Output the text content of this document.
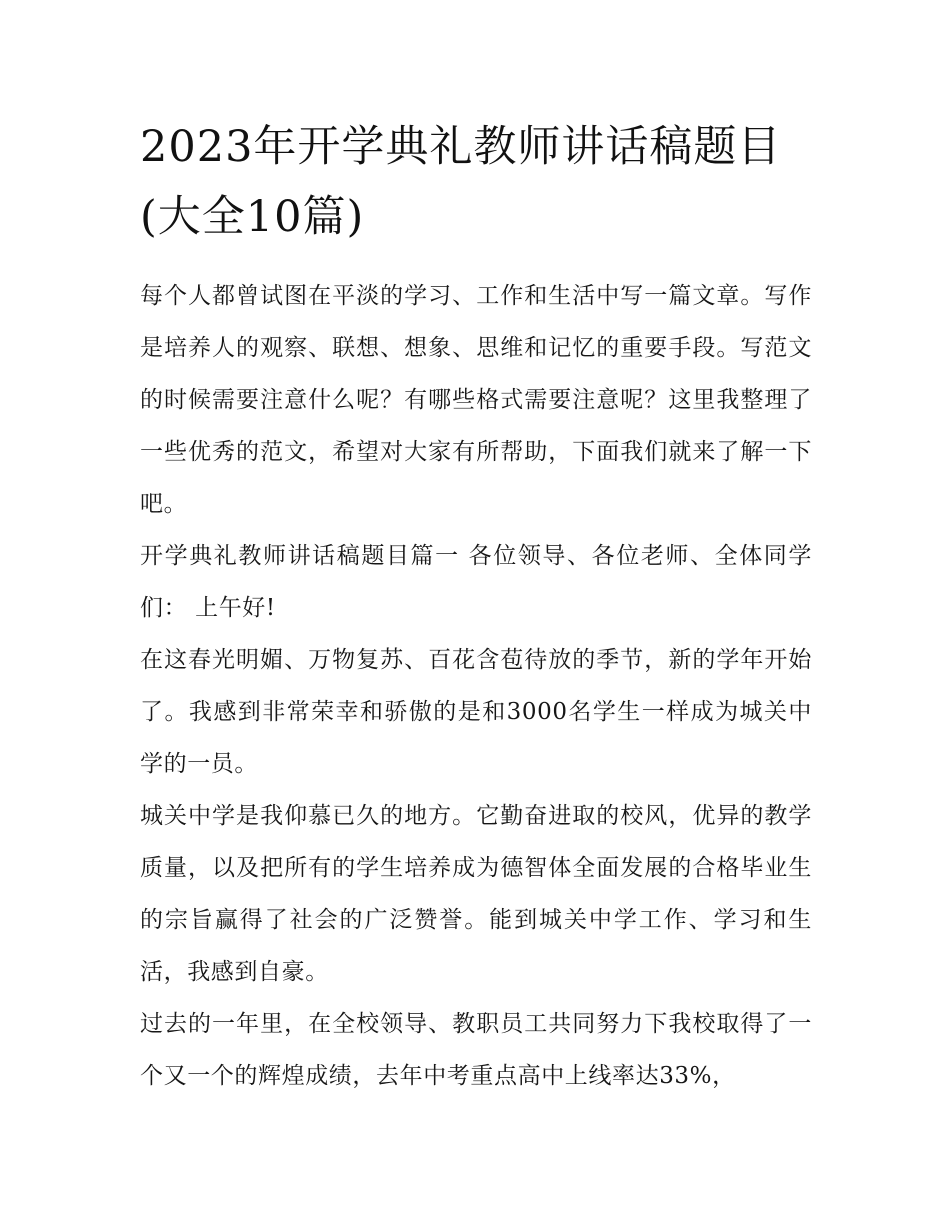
2023年开学典礼教师讲话稿题目(大全10篇)

每个人都曾试图在平淡的学习、工作和生活中写一篇文章。写作是培养人的观察、联想、想象、思维和记忆的重要手段。写范文的时候需要注意什么呢？有哪些格式需要注意呢？这里我整理了一些优秀的范文，希望对大家有所帮助，下面我们就来了解一下吧。

开学典礼教师讲话稿题目篇一 各位领导、各位老师、全体同学们： 上午好!

在这春光明媚、万物复苏、百花含苞待放的季节，新的学年开始了。我感到非常荣幸和骄傲的是和3000名学生一样成为城关中学的一员。

城关中学是我仰慕已久的地方。它勤奋进取的校风，优异的教学质量，以及把所有的学生培养成为德智体全面发展的合格毕业生的宗旨赢得了社会的广泛赞誉。能到城关中学工作、学习和生活，我感到自豪。

过去的一年里，在全校领导、教职员工共同努力下我校取得了一个又一个的辉煌成绩，去年中考重点高中上线率达33%，
